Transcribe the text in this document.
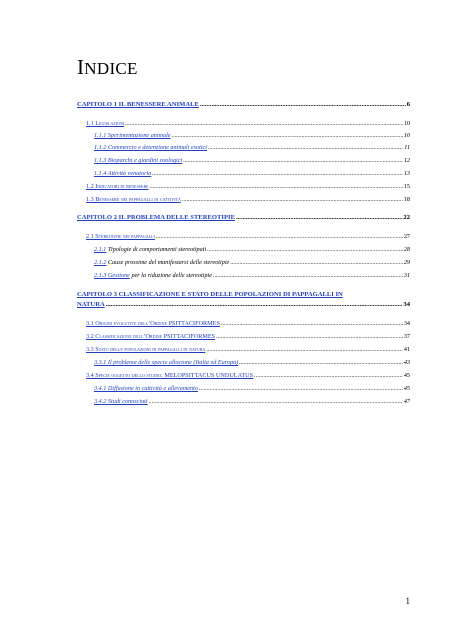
INDICE
CAPITOLO 1 IL BENESSERE ANIMALE .....	6
1.1 Legislazioni .....	10
1.1.1 Sperimentazione animale .....	10
1.1.2 Commercio e detenzione animali esotici .....	11
1.1.3 Bioparchi e giardini zoologici .....	12
1.1.4 Attività venatoria .....	13
1.2 Indicatori di benessere .....	15
1.3 Benessere nei pappagalli in cattività .....	18
CAPITOLO 2 IL PROBLEMA DELLE STEREOTIPIE .....	22
2.1 Stereotipie nei pappagalli .....	27
2.1.1 Tipologie di comportamenti stereotipati .....	28
2.1.2 Cause prossime del manifestarsi delle stereotipie .....	29
2.1.3 Gestione per la riduzione delle stereotipie .....	31
CAPITOLO 3 CLASSIFICAZIONE E STATO DELLE POPOLAZIONI DI PAPPAGALLI IN
NATURA .....	34
3.1 Origini evolutive dell’Ordine PSITTACIFORMES .....	34
3.2 Classificazione dell’Ordine PSITTACIFORMES .....	37
3.3 Stato delle popolazioni di pappagalli in natura .....	41
3.3.1 Il problema delle specie alloctone (Italia ed Europa) .....	43
3.4 Specie oggetto dello studio: MELOPSITTACUS UNDULATUS .....	45
3.4.1 Diffusione in cattività e allevamento .....	45
3.4.2 Studi conosciuti .....	47
1
